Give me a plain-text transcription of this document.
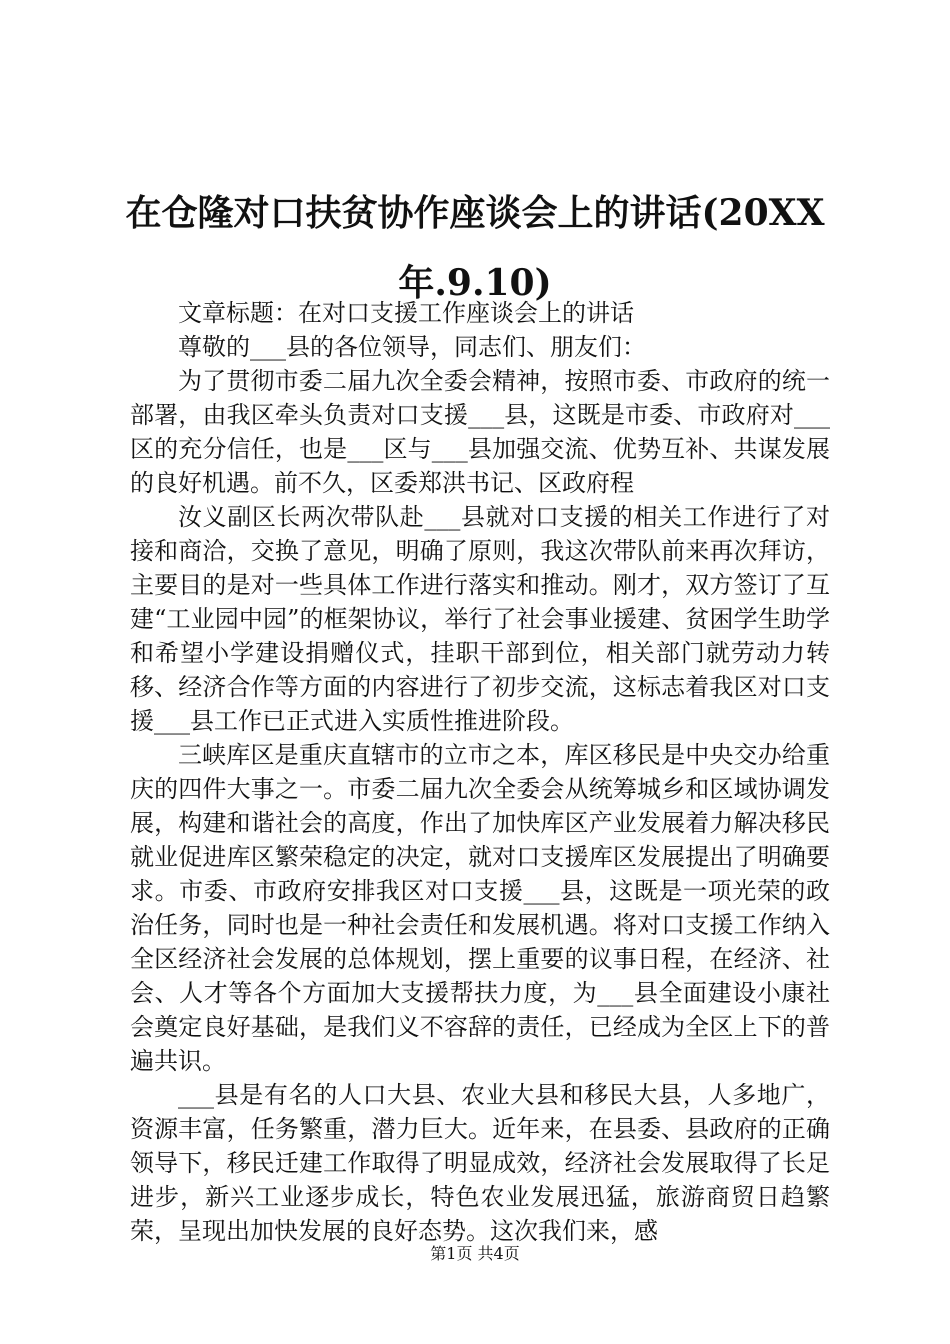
在仓隆对口扶贫协作座谈会上的讲话(20XX年.9.10)

文章标题：在对口支援工作座谈会上的讲话

尊敬的___县的各位领导，同志们、朋友们：

为了贯彻市委二届九次全委会精神，按照市委、市政府的统一部署，由我区牵头负责对口支援___县，这既是市委、市政府对___区的充分信任，也是___区与___县加强交流、优势互补、共谋发展的良好机遇。前不久，区委郑洪书记、区政府程

汝义副区长两次带队赴___县就对口支援的相关工作进行了对接和商洽，交换了意见，明确了原则，我这次带队前来再次拜访，主要目的是对一些具体工作进行落实和推动。刚才，双方签订了互建“工业园中园”的框架协议，举行了社会事业援建、贫困学生助学和希望小学建设捐赠仪式，挂职干部到位，相关部门就劳动力转移、经济合作等方面的内容进行了初步交流，这标志着我区对口支援___县工作已正式进入实质性推进阶段。

三峡库区是重庆直辖市的立市之本，库区移民是中央交办给重庆的四件大事之一。市委二届九次全委会从统筹城乡和区域协调发展，构建和谐社会的高度，作出了加快库区产业发展着力解决移民就业促进库区繁荣稳定的决定，就对口支援库区发展提出了明确要求。市委、市政府安排我区对口支援___县，这既是一项光荣的政治任务，同时也是一种社会责任和发展机遇。将对口支援工作纳入全区经济社会发展的总体规划，摆上重要的议事日程，在经济、社会、人才等各个方面加大支援帮扶力度，为___县全面建设小康社会奠定良好基础，是我们义不容辞的责任，已经成为全区上下的普遍共识。

___县是有名的人口大县、农业大县和移民大县，人多地广，资源丰富，任务繁重，潜力巨大。近年来，在县委、县政府的正确领导下，移民迁建工作取得了明显成效，经济社会发展取得了长足进步，新兴工业逐步成长，特色农业发展迅猛，旅游商贸日趋繁荣，呈现出加快发展的良好态势。这次我们来，感

第1页 共4页
